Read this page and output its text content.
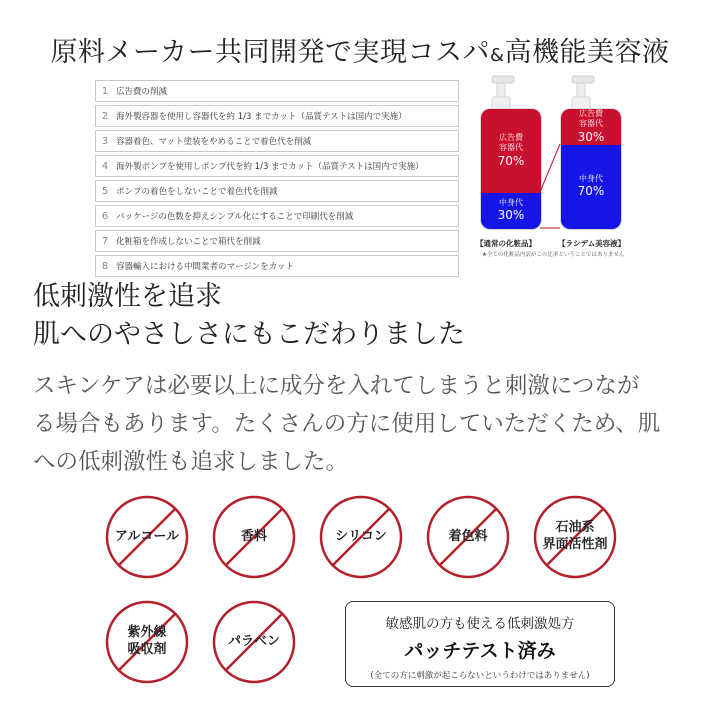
原料メーカー共同開発で実現コスパ&高機能美容液
1 広告費の削減
2 海外製容器を使用し容器代を約 1/3 までカット（品質テストは国内で実施）
3 容器着色、マット塗装をやめることで着色代を削減
4 海外製ポンプを使用しポンプ代を約 1/3 までカット（品質テストは国内で実施）
5 ポンプの着色をしないことで着色代を削減
6 パッケージの色数を抑えシンプル化にすることで印刷代を削減
7 化粧箱を作成しないことで箱代を削減
8 容器輸入における中間業者のマージンをカット
広告費
容器代
70%
中身代
30%
広告費
容器代
30%
中身代
70%
【通常の化粧品】	【ラシデム美容液】
★全ての化粧品内訳がこの比率ということではありません
低刺激性を追求
肌へのやさしさにもこだわりました
スキンケアは必要以上に成分を入れてしまうと刺激につなが
る場合もあります。たくさんの方に使用していただくため、肌
への低刺激性も追求しました。
アルコール	香料	シリコン	着色料
石油系
界面活性剤
紫外線
吸収剤
パラベン
敏感肌の方も使える低刺激処方
パッチテスト済み
(全ての方に刺激が起こらないというわけではありません)
